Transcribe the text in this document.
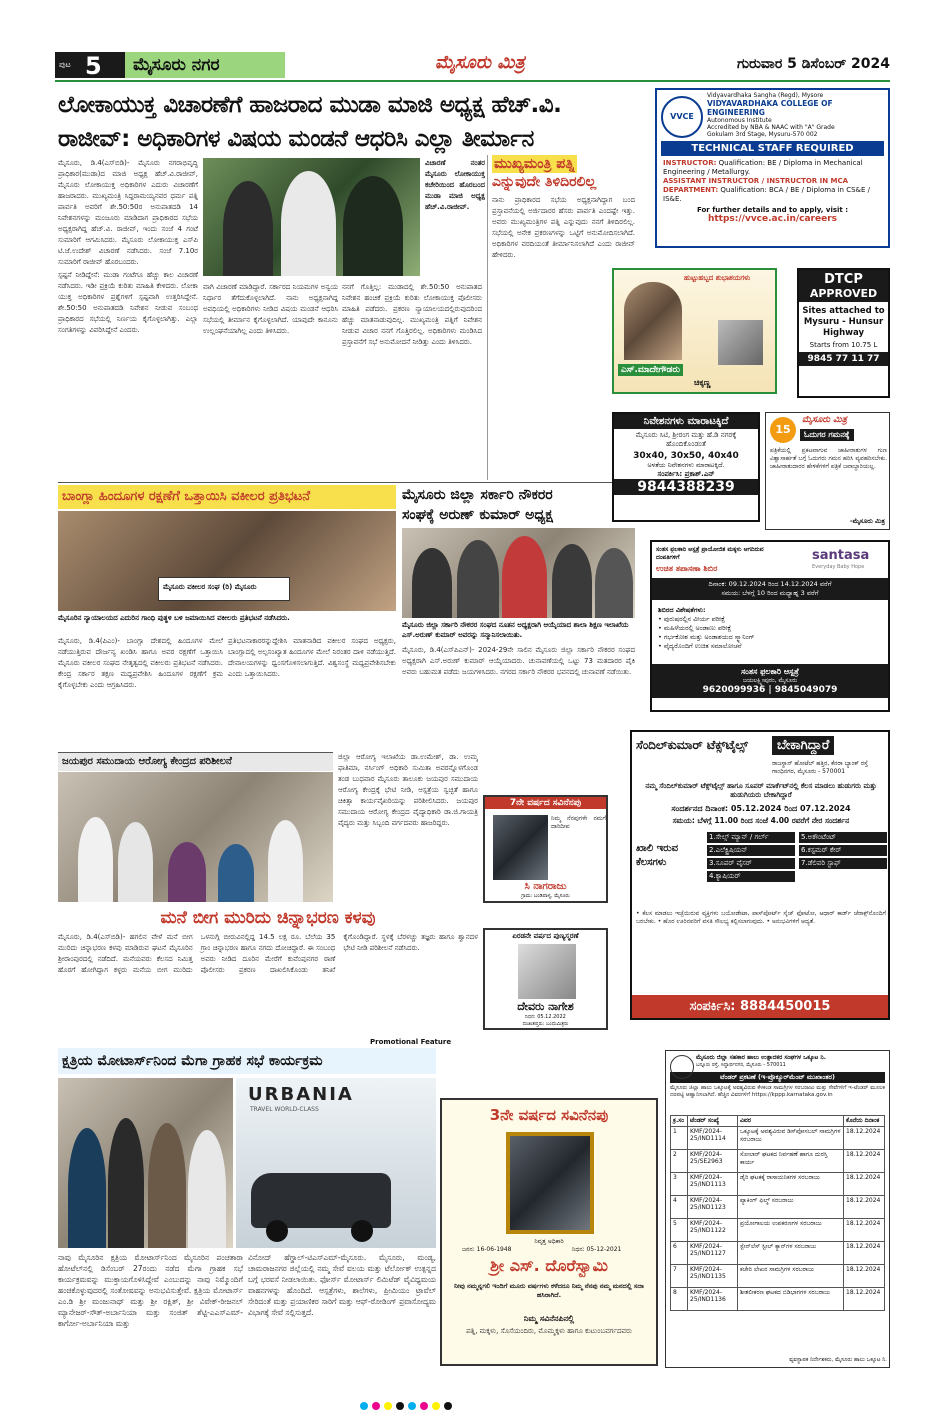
ಪುಟ 5 ಮೈಸೂರು ನಗರ	ಮೈಸೂರು ಮಿತ್ರ	ಗುರುವಾರ 5 ಡಿಸೆಂಬರ್ 2024
ಲೋಕಾಯುಕ್ತ ವಿಚಾರಣೆಗೆ ಹಾಜರಾದ ಮುಡಾ ಮಾಜಿ ಅಧ್ಯಕ್ಷ ಹೆಚ್.ವಿ.
ರಾಜೀವ್: ಅಧಿಕಾರಿಗಳ ವಿಷಯ ಮಂಡನೆ ಆಧರಿಸಿ ಎಲ್ಲಾ ತೀರ್ಮಾನ

ಮೈಸೂರು, ಡಿ.4(ಎಸ್‌ಬಿಡಿ)- ಮೈಸೂರು ನಗರಾಭಿವೃದ್ಧಿ ಪ್ರಾಧಿಕಾರ(ಮುಡಾ)ದ ಮಾಜಿ ಅಧ್ಯಕ್ಷ ಹೆಚ್.ವಿ.ರಾಜೀವ್, ಮೈಸೂರು ಲೋಕಾಯುಕ್ತ ಅಧಿಕಾರಿಗಳ ಎದುರು ವಿಚಾರಣೆಗೆ ಹಾಜರಾದರು. ಮುಖ್ಯಮಂತ್ರಿ ಸಿದ್ದರಾಮಯ್ಯನವರ ಧರ್ಮ ಪತ್ನಿ ಪಾರ್ವತಿ ಅವರಿಗೆ ಶೇ.50:50ರ ಅನುಪಾತದಡಿ 14 ನಿವೇಶನಗಳನ್ನು ಮಂಜೂರು ಮಾಡಿದಾಗ ಪ್ರಾಧಿಕಾರದ ಸಭೆಯ ಅಧ್ಯಕ್ಷರಾಗಿದ್ದ ಹೆಚ್.ವಿ. ರಾಜೀವ್, ಇಂದು ಸಂಜೆ 4 ಗಂಟೆ ಸುಮಾರಿಗೆ ಆಗಮಿಸಿದರು. ಮೈಸೂರು ಲೋಕಾಯುಕ್ತ ಎಸ್‌ಪಿ ಟಿ.ಜೆ.ಉದೇಶ್ ವಿಚಾರಣೆ ನಡೆಸಿದರು. ಸಂಜೆ 7.10ರ ಸುಮಾರಿಗೆ ರಾಜೀವ್ ಹೊರಬಂದರು.

ಸ್ಪಷ್ಟನೆ ನೀಡಿದ್ದೇನೆ: ಮುಡಾ ಗಂಟೆಗೂ ಹೆಚ್ಚು ಕಾಲ ವಿಚಾರಣೆ ನಡೆಸಿದರು. ಇಡೀ ಪ್ರಕ್ರಿಯೆ ಕುರಿತು ಮಾಹಿತಿ ಕೇಳಿದರು. ಲೋಕಾ ಯುಕ್ತ ಅಧಿಕಾರಿಗಳ ಪ್ರಶ್ನೆಗಳಿಗೆ ಸ್ಪಷ್ಟವಾಗಿ ಉತ್ತರಿಸಿದ್ದೇನೆ. ಶೇ.50:50 ಅನುಪಾತದಡಿ ನಿವೇಶನ ನೀಡುವ ಸಂಬಂಧ ಪ್ರಾಧಿಕಾರದ ಸಭೆಯಲ್ಲಿ ನಿರ್ಣಯ ಕೈಗೊಳ್ಳಲಾಗಿತ್ತು. ಎಲ್ಲಾ ಸಂಗತಿಗಳನ್ನು ವಿವರಿಸಿದ್ದೇನೆ ಎಂದರು.

ವಿಚಾರಣೆ ನಂತರ ಮೈಸೂರು ಲೋಕಾಯುಕ್ತ ಕಚೇರಿಯಿಂದ ಹೊರಬಂದ ಮುಡಾ ಮಾಜಿ ಅಧ್ಯಕ್ಷ ಹೆಚ್.ವಿ.ರಾಜೀವ್.

ವಾಗಿ ವಿಚಾರಣೆ ಮಾಡಿದ್ದಾರೆ. ಸರ್ಕಾರದ ನಿಯಮಗಳ ಅನ್ವಯ ನಿರ್ಧಾರ ತೆಗೆದುಕೊಳ್ಳಲಾಗಿದೆ. ನಾನು ಅಧ್ಯಕ್ಷನಾಗಿದ್ದ ಅವಧಿಯಲ್ಲಿ ಅಧಿಕಾರಿಗಳು ನೀಡಿದ ವಿಷಯ ಮಂಡನೆ ಆಧರಿಸಿ ಸಭೆಯಲ್ಲಿ ತೀರ್ಮಾನ ಕೈಗೊಳ್ಳಲಾಗಿದೆ. ಯಾವುದೇ ಕಾನೂನು ಉಲ್ಲಂಘನೆಯಾಗಿಲ್ಲ ಎಂದು ತಿಳಿಸಿದರು.

ನನಗೆ ಗೊತ್ತಿಲ್ಲ: ಮುಡಾದಲ್ಲಿ ಶೇ.50:50 ಅನುಪಾತದ ನಿವೇಶನ ಹಂಚಿಕೆ ಪ್ರಕ್ರಿಯೆ ಕುರಿತು ಲೋಕಾಯುಕ್ತ ಪೊಲೀಸರು ಮಾಹಿತಿ ಪಡೆದರು. ಪ್ರಕರಣ ನ್ಯಾಯಾಲಯದಲ್ಲಿರುವುದರಿಂದ ಹೆಚ್ಚು ಮಾತನಾಡುವುದಿಲ್ಲ. ಮುಖ್ಯಮಂತ್ರಿ ಪತ್ನಿಗೆ ನಿವೇಶನ ನೀಡುವ ವಿಚಾರ ನನಗೆ ಗೊತ್ತಿರಲಿಲ್ಲ. ಅಧಿಕಾರಿಗಳು ಮಂಡಿಸಿದ ಪ್ರಸ್ತಾವನೆಗೆ ಸಭೆ ಅನುಮೋದನೆ ನೀಡಿತ್ತು ಎಂದು ತಿಳಿಸಿದರು.

ಮುಖ್ಯಮಂತ್ರಿ ಪತ್ನಿ
ಎನ್ನುವುದೇ ತಿಳಿದಿರಲಿಲ್ಲ

ನಾನು ಪ್ರಾಧಿಕಾರದ ಸಭೆಯ ಅಧ್ಯಕ್ಷನಾಗಿದ್ದಾಗ ಬಂದ ಪ್ರಸ್ತಾವನೆಯಲ್ಲಿ ಅರ್ಜಿದಾರರ ಹೆಸರು ಪಾರ್ವತಿ ಎಂದಷ್ಟೇ ಇತ್ತು. ಅವರು ಮುಖ್ಯಮಂತ್ರಿಗಳ ಪತ್ನಿ ಎನ್ನುವುದು ನನಗೆ ತಿಳಿದಿರಲಿಲ್ಲ. ಸಭೆಯಲ್ಲಿ ಅನೇಕ ಪ್ರಕರಣಗಳನ್ನು ಒಟ್ಟಿಗೆ ಅನುಮೋದಿಸಲಾಗಿದೆ. ಅಧಿಕಾರಿಗಳ ವರದಿಯಂತೆ ತೀರ್ಮಾನಿಸಲಾಗಿದೆ ಎಂದು ರಾಜೀವ್ ಹೇಳಿದರು.

ಬಾಂಗ್ಲಾ ಹಿಂದೂಗಳ ರಕ್ಷಣೆಗೆ ಒತ್ತಾಯಿಸಿ ವಕೀಲರ ಪ್ರತಿಭಟನೆ
ಮೈಸೂರು ವಕೀಲರ ಸಂಘ (ರಿ) ಮೈಸೂರು
ಮೈಸೂರಿನ ನ್ಯಾಯಾಲಯದ ಎದುರಿನ ಗಾಂಧಿ ಪುತ್ಥಳಿ ಬಳಿ ಜಮಾಯಿಸಿದ ವಕೀಲರು ಪ್ರತಿಭಟನೆ ನಡೆಸಿದರು.

ಮೈಸೂರು, ಡಿ.4(ಪಿಎಂ)- ಬಾಂಗ್ಲಾ ದೇಶದಲ್ಲಿ ಹಿಂದೂಗಳ ಮೇಲೆ ನಡೆಯುತ್ತಿರುವ ದೌರ್ಜನ್ಯ ಖಂಡಿಸಿ ಹಾಗೂ ಅವರ ರಕ್ಷಣೆಗೆ ಒತ್ತಾಯಿಸಿ ಮೈಸೂರು ವಕೀಲರ ಸಂಘದ ನೇತೃತ್ವದಲ್ಲಿ ವಕೀಲರು ಪ್ರತಿಭಟನೆ ನಡೆಸಿದರು. ಕೇಂದ್ರ ಸರ್ಕಾರ ತಕ್ಷಣ ಮಧ್ಯಪ್ರವೇಶಿಸಿ ಹಿಂದೂಗಳ ರಕ್ಷಣೆಗೆ ಕ್ರಮ ಕೈಗೊಳ್ಳಬೇಕು ಎಂದು ಆಗ್ರಹಿಸಿದರು.

ಪ್ರತಿಭಟನಾಕಾರರನ್ನುದ್ದೇಶಿಸಿ ಮಾತನಾಡಿದ ವಕೀಲರ ಸಂಘದ ಅಧ್ಯಕ್ಷರು, ಬಾಂಗ್ಲಾದಲ್ಲಿ ಅಲ್ಪಸಂಖ್ಯಾತ ಹಿಂದೂಗಳ ಮೇಲೆ ನಿರಂತರ ದಾಳಿ ನಡೆಯುತ್ತಿದೆ. ದೇವಾಲಯಗಳನ್ನು ಧ್ವಂಸಗೊಳಿಸಲಾಗುತ್ತಿದೆ. ವಿಶ್ವಸಂಸ್ಥೆ ಮಧ್ಯಪ್ರವೇಶಿಸಬೇಕು ಎಂದು ಒತ್ತಾಯಿಸಿದರು.

ಮೈಸೂರು ಜಿಲ್ಲಾ ಸರ್ಕಾರಿ ನೌಕರರ
ಸಂಘಕ್ಕೆ ಅರುಣ್ ಕುಮಾರ್ ಅಧ್ಯಕ್ಷ
ಮೈಸೂರು ಜಿಲ್ಲಾ ಸರ್ಕಾರಿ ನೌಕರರ ಸಂಘದ ನೂತನ ಅಧ್ಯಕ್ಷರಾಗಿ ಆಯ್ಕೆಯಾದ ಶಾಲಾ ಶಿಕ್ಷಣ ಇಲಾಖೆಯ ಎಸ್.ಅರುಣ್ ಕುಮಾರ್ ಅವರನ್ನು ಸನ್ಮಾನಿಸಲಾಯಿತು.

ಮೈಸೂರು, ಡಿ.4(ಎಸ್‌ಪಿಎನ್)- 2024-29ನೇ ಸಾಲಿನ ಮೈಸೂರು ಜಿಲ್ಲಾ ಸರ್ಕಾರಿ ನೌಕರರ ಸಂಘದ ಅಧ್ಯಕ್ಷರಾಗಿ ಎಸ್.ಅರುಣ್ ಕುಮಾರ್ ಆಯ್ಕೆಯಾದರು. ಚುನಾವಣೆಯಲ್ಲಿ ಒಟ್ಟು 73 ಮತದಾರರ ಪೈಕಿ ಅವರು ಬಹುಮತ ಪಡೆದು ಜಯಗಳಿಸಿದರು. ನಗರದ ಸರ್ಕಾರಿ ನೌಕರರ ಭವನದಲ್ಲಿ ಚುನಾವಣೆ ನಡೆಯಿತು.

ಜಯಪುರ ಸಮುದಾಯ ಆರೋಗ್ಯ ಕೇಂದ್ರದ ಪರಿಶೀಲನೆ	ಜಿಲ್ಲಾ ಆರೋಗ್ಯ ಇಲಾಖೆಯ ಡಾ.ಉಮೇಶ್, ಡಾ. ಉಮ್ಮ ಫಾತಿಮಾ, ನರ್ಸಿಂಗ್ ಅಧಿಕಾರಿ ಸುಮಿತಾ ಅವರನ್ನೊಳಗೊಂಡ ತಂಡ ಬುಧವಾರ ಮೈಸೂರು ತಾಲೂಕು ಜಯಪುರ ಸಮುದಾಯ ಆರೋಗ್ಯ ಕೇಂದ್ರಕ್ಕೆ ಭೇಟಿ ನೀಡಿ, ಆಸ್ಪತ್ರೆಯ ಸ್ವಚ್ಛತೆ ಹಾಗೂ ಚಿಕಿತ್ಸಾ ಕಾರ್ಯವೈಖರಿಯನ್ನು ಪರಿಶೀಲಿಸಿದರು. ಜಯಪುರ ಸಮುದಾಯ ಆರೋಗ್ಯ ಕೇಂದ್ರದ ವೈದ್ಯಾಧಿಕಾರಿ ಡಾ.ಜಿ.ಗಾಯತ್ರಿ ವೈದ್ಯರು ಮತ್ತು ಸಿಬ್ಬಂದಿ ವರ್ಗದವರು ಹಾಜರಿದ್ದರು.

ಮನೆ ಬೀಗ ಮುರಿದು ಚಿನ್ನಾಭರಣ ಕಳವು

ಮೈಸೂರು, ಡಿ.4(ಎಸ್‌ಬಿಡಿ)- ಹಗಲಿನ ವೇಳೆ ಮನೆ ಬೀಗ ಮುರಿದು ಚಿನ್ನಾಭರಣ ಕಳವು ಮಾಡಿರುವ ಘಟನೆ ಮೈಸೂರಿನ ಶ್ರೀರಾಂಪುರದಲ್ಲಿ ನಡೆದಿದೆ. ಮನೆಯವರು ಕೆಲಸದ ನಿಮಿತ್ತ ಹೊರಗೆ ಹೋಗಿದ್ದಾಗ ಕಳ್ಳರು ಮನೆಯ ಬೀಗ ಮುರಿದು ಒಳನುಗ್ಗಿ ಬೀರುವಿನಲ್ಲಿದ್ದ 14.5 ಲಕ್ಷ ರೂ. ಬೆಲೆಯ 35 ಗ್ರಾಂ ಚಿನ್ನಾಭರಣ ಹಾಗೂ ನಗದು ದೋಚಿದ್ದಾರೆ. ಈ ಸಂಬಂಧ ಅವರು ನೀಡಿದ ದೂರಿನ ಮೇರೆಗೆ ಕುವೆಂಪುನಗರ ಠಾಣೆ ಪೊಲೀಸರು ಪ್ರಕರಣ ದಾಖಲಿಸಿಕೊಂಡು ತನಿಖೆ ಕೈಗೊಂಡಿದ್ದಾರೆ. ಸ್ಥಳಕ್ಕೆ ಬೆರಳಚ್ಚು ತಜ್ಞರು ಹಾಗೂ ಶ್ವಾನದಳ ಭೇಟಿ ನೀಡಿ ಪರಿಶೀಲನೆ ನಡೆಸಿದರು.

7ನೇ ವರ್ಷದ ಸವಿನೆನಪು
ನಿಮ್ಮ ನೆನಪುಗಳೇ ನಮಗೆ ದಾರಿದೀಪ
ಸಿ ನಾಗರಾಜು
ಗ್ರಾಮ: ಬಂಡಿಪಾಳ್ಯ, ಮೈಸೂರು
Promotional Feature
ಕ್ಷತ್ರಿಯ ಮೋಟಾರ್ಸ್‌ನಿಂದ ಮೆಗಾ ಗ್ರಾಹಕ ಸಭೆ ಕಾರ್ಯಕ್ರಮ
URBANIA
TRAVEL WORLD-CLASS

ನಾವು ಮೈಸೂರಿನ ಕ್ಷತ್ರಿಯ ಮೋಟಾರ್ಸ್‌ನಿಂದ ಮೈಸೂರಿನ ಪಂಚತಾರಾ ಹೋಟೆಲ್‌ನಲ್ಲಿ ಡಿಸೆಂಬರ್ 27ರಂದು ನಡೆದ ಮೆಗಾ ಗ್ರಾಹಕ ಸಭೆ ಕಾರ್ಯಕ್ರಮವನ್ನು ಮುಕ್ತಾಯಗೊಳಿಸಿದ್ದೇವೆ ಎಂಬುದನ್ನು ನಾವು ನಿಮ್ಮೊಂದಿಗೆ ಹಂಚಿಕೊಳ್ಳುವುದರಲ್ಲಿ ಸಂತೋಷವನ್ನು ಅನುಭವಿಸುತ್ತೇವೆ. ಕ್ಷತ್ರಿಯ ಮೋಟಾರ್ಸ್ ಎಂ.ಡಿ ಶ್ರೀ ಮಂಜುನಾಥ್ ಮತ್ತು ಶ್ರೀ ರಕ್ಷಿತ್, ಶ್ರೀ ವಿವೇಕ್-ರೀಜನಲ್ ಮ್ಯಾನೇಜರ್-ಸೌತ್-ಅರ್ಬಾನಿಯಾ ಮತ್ತು ಸಂಜಿತ್ ಶೆಟ್ಟಿ-ಎಎಸ್‌ಎಮ್-ಕಾರ್ಗೋ-ಅರ್ಬಾನಿಯಾ ಮತ್ತು

ವಿನೋದ್ ಹೆಗ್ಡಾಲ್-ಟಿಎಸ್‌ಎಮ್-ಮೈಸೂರು. ಮೈಸೂರು, ಮಂಡ್ಯ, ಚಾಮರಾಜನಗರ ಜಿಲ್ಲೆಯಲ್ಲಿ ನಮ್ಮ ಸೇವೆ ವಲಯ ಮತ್ತು ಟೆರ್ಲೋಕ್ ಉತ್ಪನ್ನದ ಬಗ್ಗೆ ಭರವಸೆ ನೀಡಲಾಯಿತು. ಫೋರ್ಸ್ ಮೋಟಾರ್ಸ್ ಲಿಮಿಟೆಡ್ ವೈವಿಧ್ಯಮಯ ವಾಹನಗಳನ್ನು ಹೊಂದಿದೆ. ಆಸ್ಪತ್ರೆಗಳು, ಶಾಲೆಗಳು, ಪ್ರೀಮಿಯಂ ಟ್ರಾವೆಲ್ ಸೇರಿದಂತೆ ಮತ್ತು ಪ್ರಯಾಣಿಕರ ಸಾರಿಗೆ ಮತ್ತು ಆಫ್-ರೋಡಿಂಗ್ ಪ್ರವಾಸೋದ್ಯಮ ವಿಭಾಗಕ್ಕೆ ಸೇವೆ ಸಲ್ಲಿಸುತ್ತದೆ.

ಏರಡನೇ ವರ್ಷದ ಪುಣ್ಯಸ್ಮರಣೆ
ದೇವರು ನಾಗೇಶ
ನಿಧನ: 05.12.2022
ದುಃಖತಪ್ತರು: ಬಂಧುಮಿತ್ರರು
3ನೇ ವರ್ಷದ ಸವಿನೆನಪು
ನಿವೃತ್ತ ಅಧಿಕಾರಿ
ಜನನ: 16-06-1948	ನಿಧನ: 05-12-2021
ಶ್ರೀ ಎಸ್. ದೊರೆಸ್ವಾಮಿ
ನೀವು ನಮ್ಮನ್ನಗಲಿ ಇಂದಿಗೆ ಮೂರು ವರ್ಷಗಳು ಕಳೆದರೂ ನಿಮ್ಮ ನೆನಪು ನಮ್ಮ ಮನದಲ್ಲಿ ಸದಾ ಹಸಿರಾಗಿದೆ.
ನಿಮ್ಮ ಸವಿನೆನಪಿನಲ್ಲಿ
ಪತ್ನಿ, ಮಕ್ಕಳು, ಸೊಸೆಯಂದಿರು, ಮೊಮ್ಮಕ್ಕಳು ಹಾಗೂ ಕುಟುಂಬವರ್ಗದವರು
Vidyavardhaka Sangha (Regd), Mysore
VVCE
VIDYAVARDHAKA COLLEGE OF ENGINEERING
Autonomous Institute
Accredited by NBA & NAAC with "A" Grade
Gokulam 3rd Stage, Mysuru-570 002
TECHNICAL STAFF REQUIRED
INSTRUCTOR: Qualification: BE / Diploma in Mechanical Engineering / Metallurgy.
ASSISTANT INSTRUCTOR / INSTRUCTOR IN MCA DEPARTMENT: Qualification: BCA / BE / Diploma in CS&E / IS&E.
For further details and to apply, visit :
https://vvce.ac.in/careers
ಹುಟ್ಟುಹಬ್ಬದ ಶುಭಾಶಯಗಳು
ಎಸ್.ಮಾದೇಗೌಡರು
ಚಿಕ್ಕಣ್ಣ
DTCP
APPROVED
Sites attached to Mysuru - Hunsur Highway
Starts from 10.75 L
9845 77 11 77
ನಿವೇಶನಗಳು ಮಾರಾಟಕ್ಕಿದೆ
ಮೈಸೂರು ಸಿಟಿ, ಶ್ರೀರಂಗ ಮತ್ತು ಹೆ.ಡಿ ನಗರಕ್ಕೆ ಹೊಂದಿಕೊಂಡಂತೆ
30x40, 30x50, 40x40
ಅಳತೆಯ ನಿವೇಶನಗಳು ಮಾರಾಟಕ್ಕಿದೆ.
ಸಂಪರ್ಕಿಸಿ: ಪ್ರಕಾಶ್.ಎನ್
9844388239
15
ಮೈಸೂರು ಮಿತ್ರ
ಓದುಗರ ಗಮನಕ್ಕೆ
ಪತ್ರಿಕೆಯಲ್ಲಿ ಪ್ರಕಟವಾಗುವ ಜಾಹೀರಾತುಗಳ ಗುಣ ವಿಶ್ವಾಸಾರ್ಹತೆ ಬಗ್ಗೆ ಓದುಗರು ಗಮನ ಹರಿಸಿ ವ್ಯವಹರಿಸಬೇಕು. ಜಾಹೀರಾತುದಾರರ ಹೇಳಿಕೆಗಳಿಗೆ ಪತ್ರಿಕೆ ಜವಾಬ್ದಾರಿಯಲ್ಲ.
-ಮೈಸೂರು ಮಿತ್ರ
ಸಂತಸ ಫ಼ಲಕಾರಿ ಆಸ್ಪತ್ರೆ ಪ್ರಾಯೋಜಿತ ಮಕ್ಕಳು ಆಗದಿರುವ ದಂಪತಿಗಳಿಗೆ
ಉಚಿತ ತಪಾಸಣಾ ಶಿಬಿರ
santasa
Everyday Baby Hope
ದಿನಾಂಕ: 09.12.2024 ರಿಂದ 14.12.2024 ವರೆಗೆ
ಸಮಯ: ಬೆಳಗ್ಗೆ 10 ರಿಂದ ಮಧ್ಯಾಹ್ನ 3 ವರೆಗೆ
ಶಿಬಿರದ ವಿಶೇಷತೆಗಳು:
• ಪುರುಷರಲ್ಲಿನ ವೀರ್ಯ ಪರೀಕ್ಷೆ
• ಮಹಿಳೆಯರಲ್ಲಿ ಅಂಡಾಣು ಪರೀಕ್ಷೆ
• ಗರ್ಭಕೋಶ ಮತ್ತು ಅಂಡಾಶಯದ ಸ್ಕ್ಯಾನಿಂಗ್
• ವೈದ್ಯರೊಂದಿಗೆ ಉಚಿತ ಸಮಾಲೋಚನೆ
ಸಂತಸ ಫ಼ಲಕಾರಿ ಆಸ್ಪತ್ರೆ
ಜಯಲಕ್ಷ್ಮೀಪುರಂ, ಮೈಸೂರು
9620099936 | 9845049079
ಸೆಂದಿಲ್‌ಕುಮಾರ್ ಟೆಕ್ಸ್‌ಟೈಲ್ಸ್	ಬೇಕಾಗಿದ್ದಾರೆ
ರಾಜಸ್ಥಾನ್ ಹೋಟೆಲ್ ಹತ್ತಿರ, ಕೆನರಾ ಬ್ಯಾಂಕ್ ರಸ್ತೆ ಗಾಂಧಿನಗರ, ಮೈಸೂರು - 570001
ನಮ್ಮ ಸೆಂದಿಲ್‌ಕುಮಾರ್ ಟೆಕ್ಸ್‌ಟೈಲ್ಸ್ ಹಾಗೂ ಸೂಪರ್ ಮಾರ್ಕೆಟ್‌ನಲ್ಲಿ ಕೆಲಸ ಮಾಡಲು ಹುಡುಗರು ಮತ್ತು ಹುಡುಗಿಯರು ಬೇಕಾಗಿದ್ದಾರೆ
ಸಂದರ್ಶನದ ದಿನಾಂಕ: 05.12.2024 ರಿಂದ 07.12.2024
ಸಮಯ: ಬೆಳಗ್ಗೆ 11.00 ರಿಂದ ಸಂಜೆ 4.00 ರವರೆಗೆ ನೇರ ಸಂದರ್ಶನ
ಖಾಲಿ ಇರುವ ಕೆಲಸಗಳು
1.ಸೇಲ್ಸ್ ಮ್ಯಾನ್ / ಗರ್ಲ್
2.ಎಲೆಕ್ಟ್ರಿಷಿಯನ್
3.ಸೂಪರ್ ವೈಸರ್
4.ಕ್ಯಾಷಿಯರ್
5.ಅಕೌಂಟೆಂಟ್
6.ಕಸ್ಟಮರ್ ಕೇರ್
7.ಡೆಲಿವರಿ ಸ್ಟಾಫ್
• ಕೆಲಸ ಮಾಡಲು ಇಚ್ಛೆಯಿರುವ ವ್ಯಕ್ತಿಗಳು ಬಯೋಡೇಟಾ, ಪಾಸ್‌ಪೋರ್ಟ್ ಸೈಜ್ ಫೋಟೋ, ಆಧಾರ್ ಕಾರ್ಡ್ ಜೆರಾಕ್ಸ್‌ನೊಂದಿಗೆ ಬರಬೇಕು. • ಹೊರ ಊರಿನವರಿಗೆ ವಸತಿ ಸೌಲಭ್ಯ ಕಲ್ಪಿಸಲಾಗುವುದು. • ಅನುಭವಿಗಳಿಗೆ ಆದ್ಯತೆ.
ಸಂಪರ್ಕಿಸಿ: 8884450015
ಮೈಸೂರು ಜಿಲ್ಲಾ ಸಹಕಾರ ಹಾಲು ಉತ್ಪಾದಕರ ಸಂಘಗಳ ಒಕ್ಕೂಟ ನಿ.
ಬನ್ನೂರು ರಸ್ತೆ, ಸಿದ್ದಾರ್ಥನಗರ, ಮೈಸೂರು - 570011
ಟೆಂಡರ್ ಪ್ರಕಟಣೆ (ಇ-ಪ್ರೊಕ್ಯೂರ್‌ಮೆಂಟ್ ಮುಖಾಂತರ)
ಮೈಸೂರು ಜಿಲ್ಲಾ ಹಾಲು ಒಕ್ಕೂಟಕ್ಕೆ ಅವಶ್ಯವಿರುವ ಕೆಳಕಂಡ ಸಾಮಗ್ರಿಗಳ ಸರಬರಾಜು ಮತ್ತು ಸೇವೆಗಳಿಗೆ ಇ-ಟೆಂಡರ್ ಮೂಲಕ ದರಪಟ್ಟಿ ಆಹ್ವಾನಿಸಲಾಗಿದೆ. ಹೆಚ್ಚಿನ ವಿವರಗಳಿಗೆ https://kppp.karnataka.gov.in
ಕ್ರ.ಸಂ	ಟೆಂಡರ್ ಸಂಖ್ಯೆ	ವಿವರ	ಕೊನೆಯ ದಿನಾಂಕ
1	KMF/2024-25/IND1114	ಒಕ್ಕೂಟಕ್ಕೆ ಅವಶ್ಯವಿರುವ ಡಿಸ್‌ಪೋಸಬಲ್ ಸಾಮಗ್ರಿಗಳ ಸರಬರಾಜು	18.12.2024
2	KMF/2024-25/SE2963	ಸೋಲಾರ್ ಘಟಕದ ನಿರ್ವಹಣೆ ಹಾಗೂ ದುರಸ್ತಿ ಕಾರ್ಯ	18.12.2024
3	KMF/2024-25/IND1113	ಡೈರಿ ಘಟಕಕ್ಕೆ ರಾಸಾಯನಿಕಗಳ ಸರಬರಾಜು	18.12.2024
4	KMF/2024-25/IND1123	ಪ್ಯಾಕಿಂಗ್ ಫಿಲ್ಮ್ ಸರಬರಾಜು	18.12.2024
5	KMF/2024-25/IND1122	ಪ್ರಯೋಗಾಲಯ ಉಪಕರಣಗಳ ಸರಬರಾಜು	18.12.2024
6	KMF/2024-25/IND1127	ಸ್ಟೇನ್‌ಲೆಸ್ ಸ್ಟೀಲ್ ಕ್ಯಾನ್‌ಗಳ ಸರಬರಾಜು	18.12.2024
7	KMF/2024-25/IND1135	ಕಚೇರಿ ಲೇಖನ ಸಾಮಗ್ರಿಗಳ ಸರಬರಾಜು	18.12.2024
8	KMF/2024-25/IND1136	ಶೀತಲೀಕರಣ ಘಟಕದ ಬಿಡಿಭಾಗಗಳ ಸರಬರಾಜು	18.12.2024
ವ್ಯವಸ್ಥಾಪಕ ನಿರ್ದೇಶಕರು, ಮೈಸೂರು ಹಾಲು ಒಕ್ಕೂಟ ನಿ.
